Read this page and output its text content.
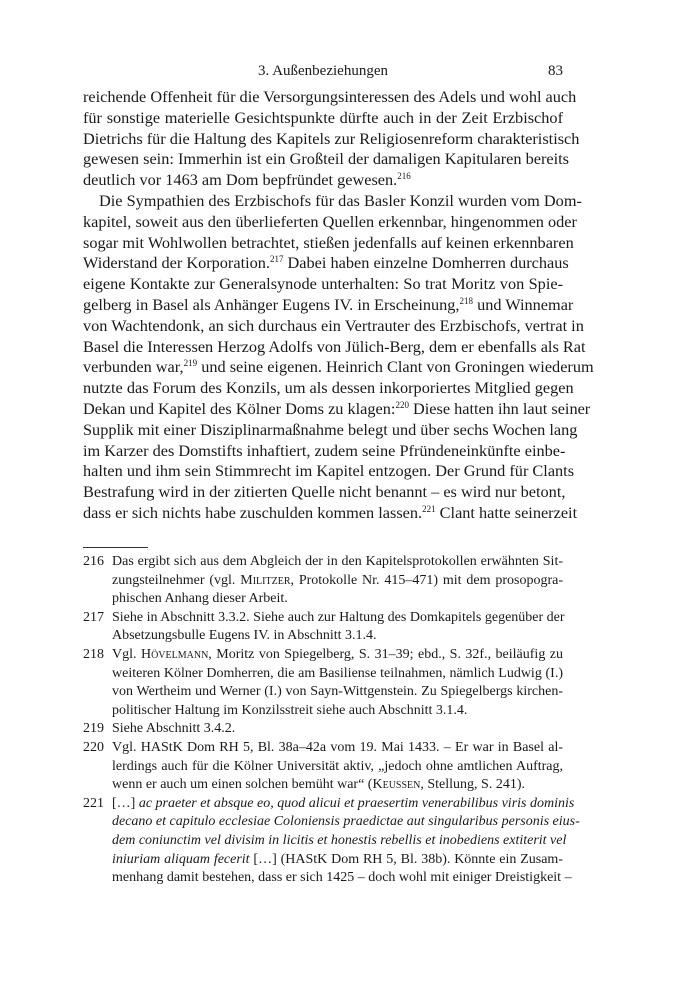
3. Außenbeziehungen	83
reichende Offenheit für die Versorgungsinteressen des Adels und wohl auch
für sonstige materielle Gesichtspunkte dürfte auch in der Zeit Erzbischof
Dietrichs für die Haltung des Kapitels zur Religiosenreform charakteristisch
gewesen sein: Immerhin ist ein Großteil der damaligen Kapitularen bereits
deutlich vor 1463 am Dom bepfründet gewesen.$^{216}$
Die Sympathien des Erzbischofs für das Basler Konzil wurden vom Dom-
kapitel, soweit aus den überlieferten Quellen erkennbar, hingenommen oder
sogar mit Wohlwollen betrachtet, stießen jedenfalls auf keinen erkennbaren
Widerstand der Korporation.$^{217}$ Dabei haben einzelne Domherren durchaus
eigene Kontakte zur Generalsynode unterhalten: So trat Moritz von Spie-
gelberg in Basel als Anhänger Eugens IV. in Erscheinung,$^{218}$ und Winnemar
von Wachtendonk, an sich durchaus ein Vertrauter des Erzbischofs, vertrat in
Basel die Interessen Herzog Adolfs von Jülich-Berg, dem er ebenfalls als Rat
verbunden war,$^{219}$ und seine eigenen. Heinrich Clant von Groningen wiederum
nutzte das Forum des Konzils, um als dessen inkorporiertes Mitglied gegen
Dekan und Kapitel des Kölner Doms zu klagen:$^{220}$ Diese hatten ihn laut seiner
Supplik mit einer Disziplinarmaßnahme belegt und über sechs Wochen lang
im Karzer des Domstifts inhaftiert, zudem seine Pfründeneinkünfte einbe-
halten und ihm sein Stimmrecht im Kapitel entzogen. Der Grund für Clants
Bestrafung wird in der zitierten Quelle nicht benannt – es wird nur betont,
dass er sich nichts habe zuschulden kommen lassen.$^{221}$ Clant hatte seinerzeit
216 Das ergibt sich aus dem Abgleich der in den Kapitelsprotokollen erwähnten Sit-
zungsteilnehmer (vgl. Militzer, Protokolle Nr. 415–471) mit dem prosopogra-
phischen Anhang dieser Arbeit.
217 Siehe in Abschnitt 3.3.2. Siehe auch zur Haltung des Domkapitels gegenüber der
Absetzungsbulle Eugens IV. in Abschnitt 3.1.4.
218 Vgl. Hövelmann, Moritz von Spiegelberg, S. 31–39; ebd., S. 32f., beiläufig zu
weiteren Kölner Domherren, die am Basiliense teilnahmen, nämlich Ludwig (I.)
von Wertheim und Werner (I.) von Sayn-Wittgenstein. Zu Spiegelbergs kirchen-
politischer Haltung im Konzilsstreit siehe auch Abschnitt 3.1.4.
219 Siehe Abschnitt 3.4.2.
220 Vgl. HAStK Dom RH 5, Bl. 38a–42a vom 19. Mai 1433. – Er war in Basel al-
lerdings auch für die Kölner Universität aktiv, „jedoch ohne amtlichen Auftrag,
wenn er auch um einen solchen bemüht war“ (Keussen, Stellung, S. 241).
221 […] ac praeter et absque eo, quod alicui et praesertim venerabilibus viris dominis
decano et capitulo ecclesiae Coloniensis praedictae aut singularibus personis eius-
dem coniunctim vel divisim in licitis et honestis rebellis et inobediens extiterit vel
iniuriam aliquam fecerit […] (HAStK Dom RH 5, Bl. 38b). Könnte ein Zusam-
menhang damit bestehen, dass er sich 1425 – doch wohl mit einiger Dreistigkeit –
